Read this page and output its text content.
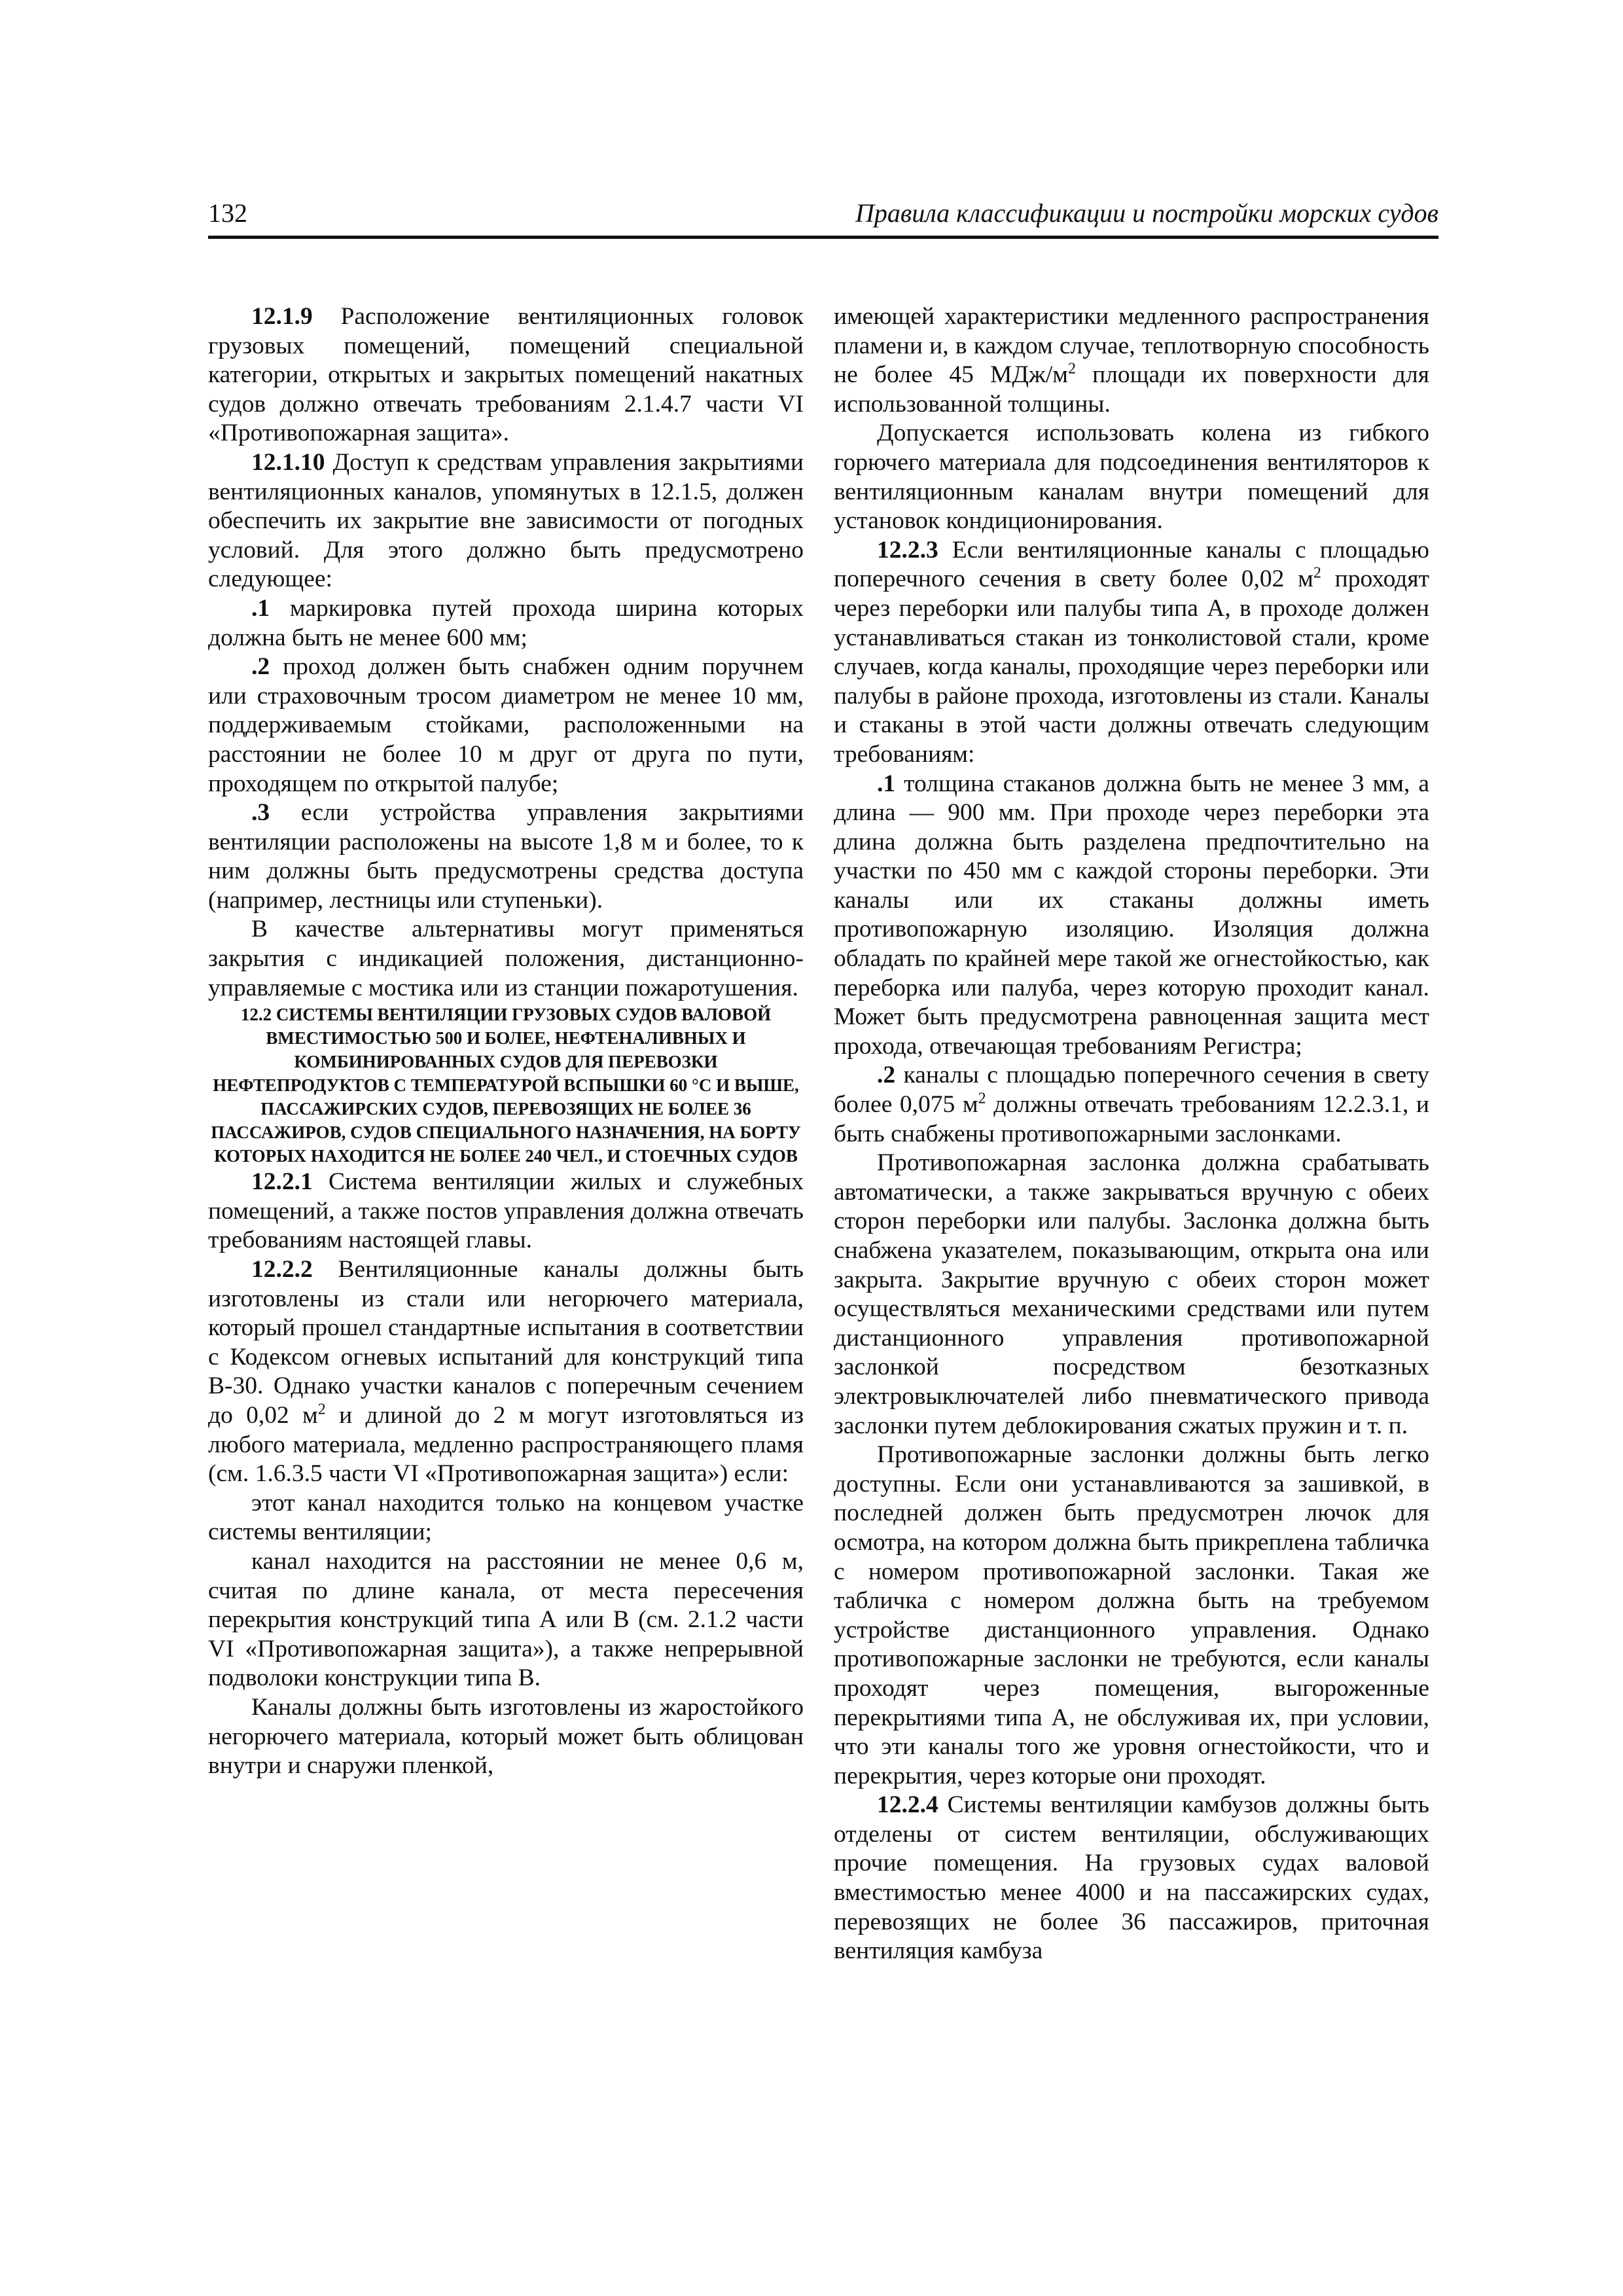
132	Правила классификации и постройки морских судов

12.1.9 Расположение вентиляционных головок грузовых помещений, помещений специальной категории, открытых и закрытых помещений накатных судов должно отвечать требованиям 2.1.4.7 части VI «Противопожарная защита».

12.1.10 Доступ к средствам управления закрытиями вентиляционных каналов, упомянутых в 12.1.5, должен обеспечить их закрытие вне зависимости от погодных условий. Для этого должно быть предусмотрено следующее:

.1 маркировка путей прохода ширина которых должна быть не менее 600 мм;

.2 проход должен быть снабжен одним поручнем или страховочным тросом диаметром не менее 10 мм, поддерживаемым стойками, расположенными на расстоянии не более 10 м друг от друга по пути, проходящем по открытой палубе;

.3 если устройства управления закрытиями вентиляции расположены на высоте 1,8 м и более, то к ним должны быть предусмотрены средства доступа (например, лестницы или ступеньки).

В качестве альтернативы могут применяться закрытия с индикацией положения, дистанционно-управляемые с мостика или из станции пожаротушения.

12.2 СИСТЕМЫ ВЕНТИЛЯЦИИ ГРУЗОВЫХ СУДОВ ВАЛОВОЙ ВМЕСТИМОСТЬЮ 500 И БОЛЕЕ, НЕФТЕНАЛИВНЫХ И КОМБИНИРОВАННЫХ СУДОВ ДЛЯ ПЕРЕВОЗКИ НЕФТЕПРОДУКТОВ С ТЕМПЕРАТУРОЙ ВСПЫШКИ 60 °С И ВЫШЕ, ПАССАЖИРСКИХ СУДОВ, ПЕРЕВОЗЯЩИХ НЕ БОЛЕЕ 36 ПАССАЖИРОВ, СУДОВ СПЕЦИАЛЬНОГО НАЗНАЧЕНИЯ, НА БОРТУ КОТОРЫХ НАХОДИТСЯ НЕ БОЛЕЕ 240 ЧЕЛ., И СТОЕЧНЫХ СУДОВ

12.2.1 Система вентиляции жилых и служебных помещений, а также постов управления должна отвечать требованиям настоящей главы.

12.2.2 Вентиляционные каналы должны быть изготовлены из стали или негорючего материала, который прошел стандартные испытания в соответствии с Кодексом огневых испытаний для конструкций типа В-30. Однако участки каналов с поперечным сечением до 0,02 $м^2$ и длиной до 2 м могут изготовляться из любого материала, медленно распространяющего пламя (см. 1.6.3.5 части VI «Противопожарная защита») если:

этот канал находится только на концевом участке системы вентиляции;

канал находится на расстоянии не менее 0,6 м, считая по длине канала, от места пересечения перекрытия конструкций типа А или В (см. 2.1.2 части VI «Противопожарная защита»), а также непрерывной подволоки конструкции типа В.

Каналы должны быть изготовлены из жаростойкого негорючего материала, который может быть облицован внутри и снаружи пленкой,

имеющей характеристики медленного распространения пламени и, в каждом случае, теплотворную способность не более 45 МДж/$м^2$ площади их поверхности для использованной толщины.

Допускается использовать колена из гибкого горючего материала для подсоединения вентиляторов к вентиляционным каналам внутри помещений для установок кондиционирования.

12.2.3 Если вентиляционные каналы с площадью поперечного сечения в свету более 0,02 $м^2$ проходят через переборки или палубы типа А, в проходе должен устанавливаться стакан из тонколистовой стали, кроме случаев, когда каналы, проходящие через переборки или палубы в районе прохода, изготовлены из стали. Каналы и стаканы в этой части должны отвечать следующим требованиям:

.1 толщина стаканов должна быть не менее 3 мм, а длина — 900 мм. При проходе через переборки эта длина должна быть разделена предпочтительно на участки по 450 мм с каждой стороны переборки. Эти каналы или их стаканы должны иметь противопожарную изоляцию. Изоляция должна обладать по крайней мере такой же огнестойкостью, как переборка или палуба, через которую проходит канал. Может быть предусмотрена равноценная защита мест прохода, отвечающая требованиям Регистра;

.2 каналы с площадью поперечного сечения в свету более 0,075 $м^2$ должны отвечать требованиям 12.2.3.1, и быть снабжены противопожарными заслонками.

Противопожарная заслонка должна срабатывать автоматически, а также закрываться вручную с обеих сторон переборки или палубы. Заслонка должна быть снабжена указателем, показывающим, открыта она или закрыта. Закрытие вручную с обеих сторон может осуществляться механическими средствами или путем дистанционного управления противопожарной заслонкой посредством безотказных электровыключателей либо пневматического привода заслонки путем деблокирования сжатых пружин и т. п.

Противопожарные заслонки должны быть легко доступны. Если они устанавливаются за зашивкой, в последней должен быть предусмотрен лючок для осмотра, на котором должна быть прикреплена табличка с номером противопожарной заслонки. Такая же табличка с номером должна быть на требуемом устройстве дистанционного управления. Однако противопожарные заслонки не требуются, если каналы проходят через помещения, выгороженные перекрытиями типа А, не обслуживая их, при условии, что эти каналы того же уровня огнестойкости, что и перекрытия, через которые они проходят.

12.2.4 Системы вентиляции камбузов должны быть отделены от систем вентиляции, обслуживающих прочие помещения. На грузовых судах валовой вместимостью менее 4000 и на пассажирских судах, перевозящих не более 36 пассажиров, приточная вентиляция камбуза
